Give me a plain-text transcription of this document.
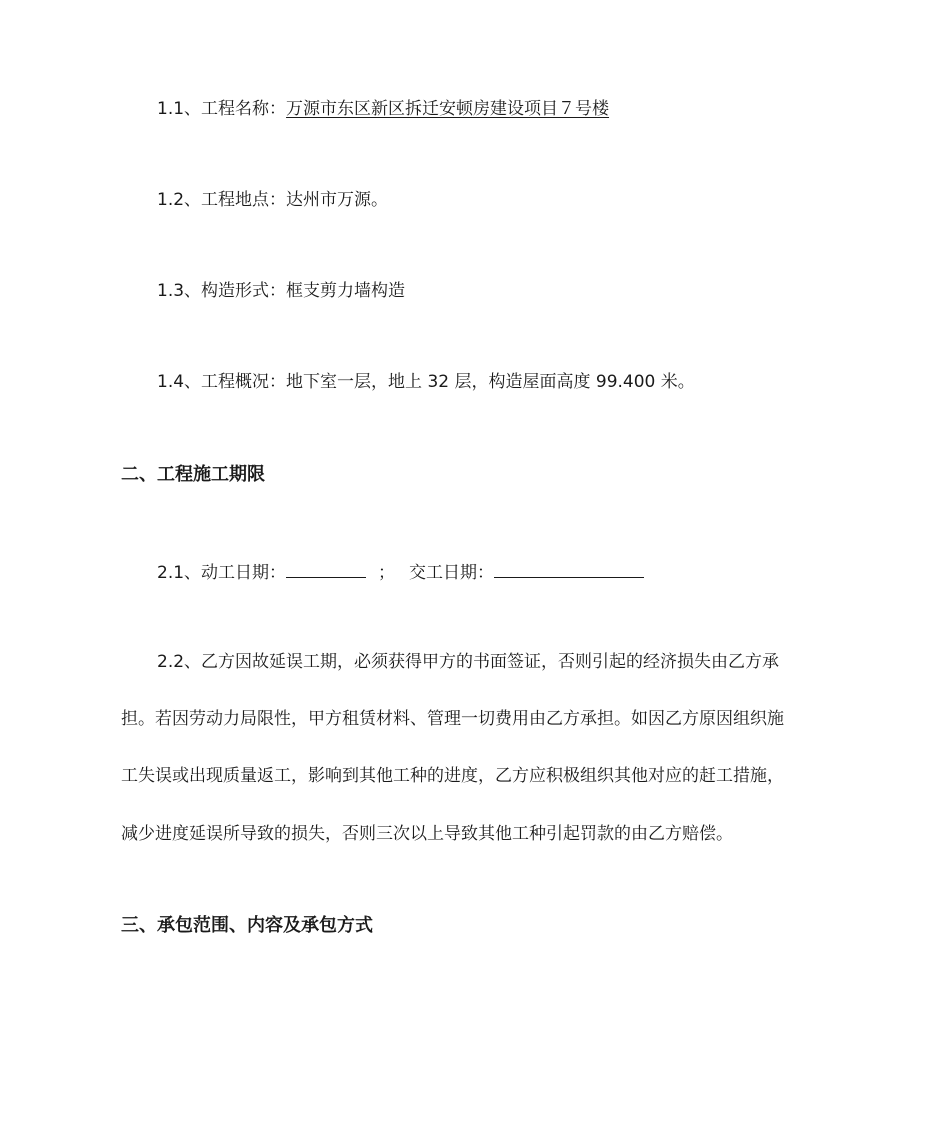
1.1、工程名称：万源市东区新区拆迁安顿房建设项目７号楼
1.2、工程地点：达州市万源。
1.3、构造形式：框支剪力墙构造
1.4、工程概况：地下室一层，地上 32 层，构造屋面高度 99.400 米。
二、工程施工期限
2.1、动工日期：	； 交工日期：
2.2、乙方因故延误工期，必须获得甲方的书面签证，否则引起的经济损失由乙方承
担。若因劳动力局限性，甲方租赁材料、管理一切费用由乙方承担。如因乙方原因组织施
工失误或出现质量返工，影响到其他工种的进度，乙方应积极组织其他对应的赶工措施，
减少进度延误所导致的损失，否则三次以上导致其他工种引起罚款的由乙方赔偿。
三、承包范围、内容及承包方式
